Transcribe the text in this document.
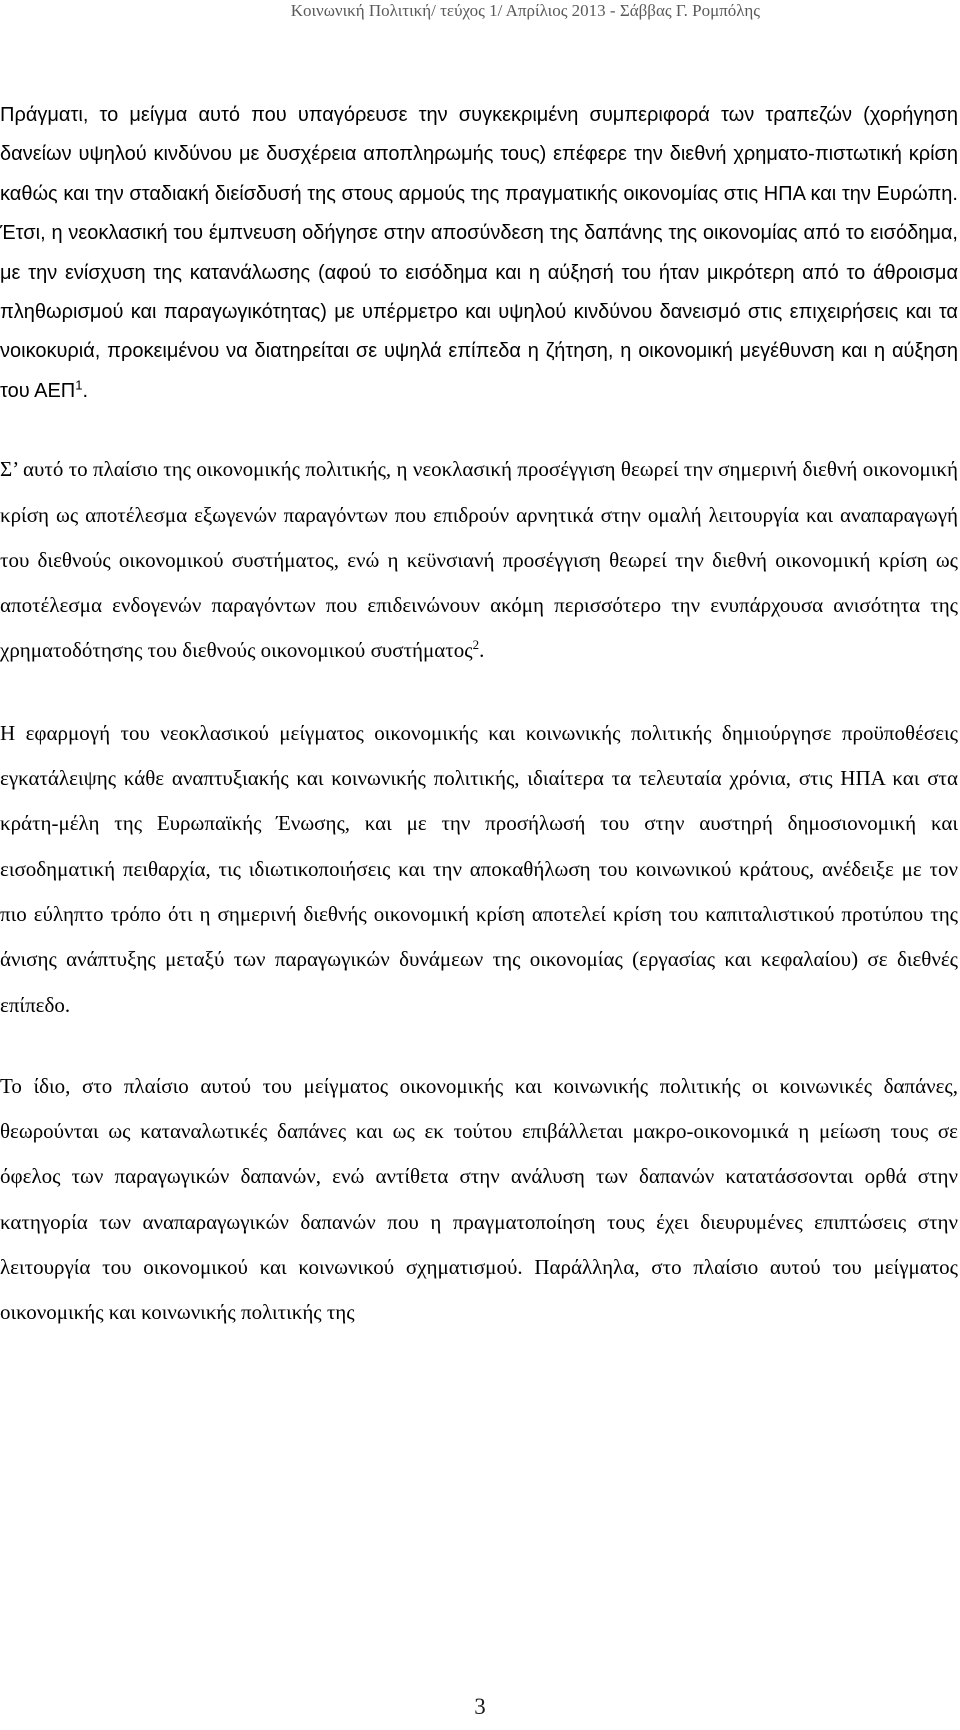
Κοινωνική Πολιτική/ τεύχος 1/ Απρίλιος 2013 - Σάββας Γ. Ρομπόλης

Πράγματι, το μείγμα αυτό που υπαγόρευσε την συγκεκριμένη συμπεριφορά των τραπεζών (χορήγηση δανείων υψηλού κινδύνου με δυσχέρεια αποπληρωμής τους) επέφερε την διεθνή χρηματο-πιστωτική κρίση καθώς και την σταδιακή διείσδυσή της στους αρμούς της πραγματικής οικονομίας στις ΗΠΑ και την Ευρώπη. Έτσι, η νεοκλασική του έμπνευση οδήγησε στην αποσύνδεση της δαπάνης της οικονομίας από το εισόδημα, με την ενίσχυση της κατανάλωσης (αφού το εισόδημα και η αύξησή του ήταν μικρότερη από το άθροισμα πληθωρισμού και παραγωγικότητας) με υπέρμετρο και υψηλού κινδύνου δανεισμό στις επιχειρήσεις και τα νοικοκυριά, προκειμένου να διατηρείται σε υψηλά επίπεδα η ζήτηση, η οικονομική μεγέθυνση και η αύξηση του ΑΕΠ$^1$.

Σ’ αυτό το πλαίσιο της οικονομικής πολιτικής, η νεοκλασική προσέγγιση θεωρεί την σημερινή διεθνή οικονομική κρίση ως αποτέλεσμα εξωγενών παραγόντων που επιδρούν αρνητικά στην ομαλή λειτουργία και αναπαραγωγή του διεθνούς οικονομικού συστήματος, ενώ η κεϋνσιανή προσέγγιση θεωρεί την διεθνή οικονομική κρίση ως αποτέλεσμα ενδογενών παραγόντων που επιδεινώνουν ακόμη περισσότερο την ενυπάρχουσα ανισότητα της χρηματοδότησης του διεθνούς οικονομικού συστήματος$^2$.

Η εφαρμογή του νεοκλασικού μείγματος οικονομικής και κοινωνικής πολιτικής δημιούργησε προϋποθέσεις εγκατάλειψης κάθε αναπτυξιακής και κοινωνικής πολιτικής, ιδιαίτερα τα τελευταία χρόνια, στις ΗΠΑ και στα κράτη-μέλη της Ευρωπαϊκής Ένωσης, και με την προσήλωσή του στην αυστηρή δημοσιονομική και εισοδηματική πειθαρχία, τις ιδιωτικοποιήσεις και την αποκαθήλωση του κοινωνικού κράτους, ανέδειξε με τον πιο εύληπτο τρόπο ότι η σημερινή διεθνής οικονομική κρίση αποτελεί κρίση του καπιταλιστικού προτύπου της άνισης ανάπτυξης μεταξύ των παραγωγικών δυνάμεων της οικονομίας (εργασίας και κεφαλαίου) σε διεθνές επίπεδο.

Το ίδιο, στο πλαίσιο αυτού του μείγματος οικονομικής και κοινωνικής πολιτικής οι κοινωνικές δαπάνες, θεωρούνται ως καταναλωτικές δαπάνες και ως εκ τούτου επιβάλλεται μακρο-οικονομικά η μείωση τους σε όφελος των παραγωγικών δαπανών, ενώ αντίθετα στην ανάλυση των δαπανών κατατάσσονται ορθά στην κατηγορία των αναπαραγωγικών δαπανών που η πραγματοποίηση τους έχει διευρυμένες επιπτώσεις στην λειτουργία του οικονομικού και κοινωνικού σχηματισμού. Παράλληλα, στο πλαίσιο αυτού του μείγματος οικονομικής και κοινωνικής πολιτικής της

3
